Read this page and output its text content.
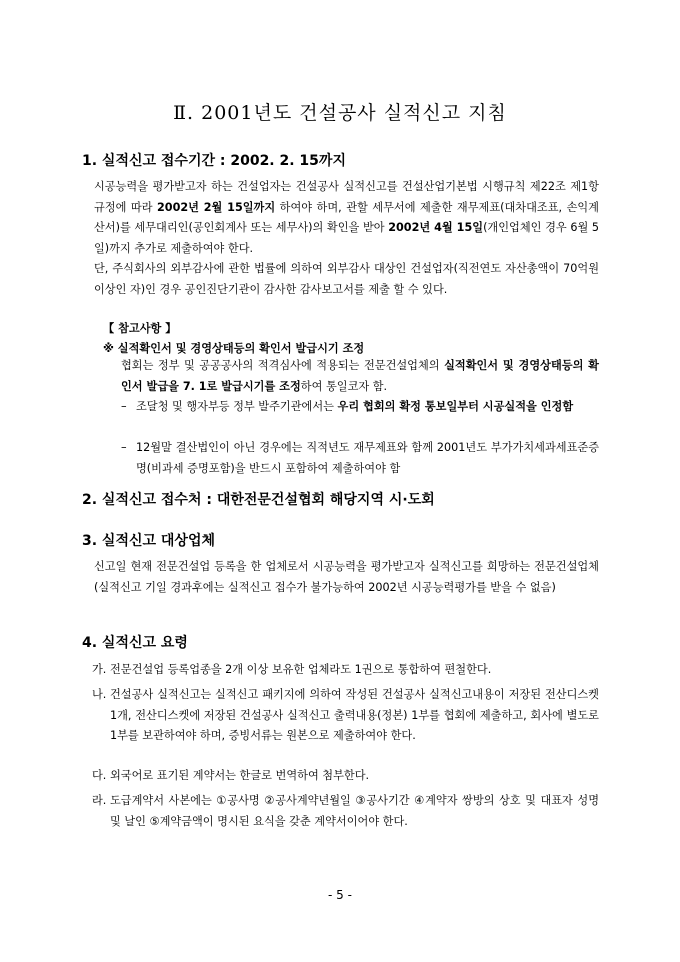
Ⅱ. 2001년도 건설공사 실적신고 지침
1. 실적신고 접수기간 : 2002. 2. 15까지
시공능력을 평가받고자 하는 건설업자는 건설공사 실적신고를 건설산업기본법 시행규칙 제22조 제1항 규정에 따라 2002년 2월 15일까지 하여야 하며, 관할 세무서에 제출한 재무제표(대차대조표, 손익계산서)를 세무대리인(공인회계사 또는 세무사)의 확인을 받아 2002년 4월 15일(개인업체인 경우 6월 5일)까지 추가로 제출하여야 한다.
단, 주식회사의 외부감사에 관한 법률에 의하여 외부감사 대상인 건설업자(직전연도 자산총액이 70억원 이상인 자)인 경우 공인진단기관이 감사한 감사보고서를 제출 할 수 있다.
【 참고사항 】
※ 실적확인서 및 경영상태등의 확인서 발급시기 조정
협회는 정부 및 공공공사의 적격심사에 적용되는 전문건설업체의 실적확인서 및 경영상태등의 확인서 발급을 7. 1로 발급시기를 조정하여 통일코자 함.
– 조달청 및 행자부등 정부 발주기관에서는 우리 협회의 확정 통보일부터 시공실적을 인정함
– 12월말 결산법인이 아닌 경우에는 직적년도 재무제표와 함께 2001년도 부가가치세과세표준증명(비과세 증명포함)을 반드시 포함하여 제출하여야 함
2. 실적신고 접수처 : 대한전문건설협회 해당지역 시·도회
3. 실적신고 대상업체
신고일 현재 전문건설업 등록을 한 업체로서 시공능력을 평가받고자 실적신고를 희망하는 전문건설업체(실적신고 기일 경과후에는 실적신고 접수가 불가능하여 2002년 시공능력평가를 받을 수 없음)
4. 실적신고 요령
가. 전문건설업 등록업종을 2개 이상 보유한 업체라도 1권으로 통합하여 편철한다.
나. 건설공사 실적신고는 실적신고 패키지에 의하여 작성된 건설공사 실적신고내용이 저장된 전산디스켓 1개, 전산디스켓에 저장된 건설공사 실적신고 출력내용(정본) 1부를 협회에 제출하고, 회사에 별도로 1부를 보관하여야 하며, 증빙서류는 원본으로 제출하여야 한다.
다. 외국어로 표기된 계약서는 한글로 번역하여 첨부한다.
라. 도급계약서 사본에는 ①공사명 ②공사계약년월일 ③공사기간 ④계약자 쌍방의 상호 및 대표자 성명 및 날인 ⑤계약금액이 명시된 요식을 갖춘 계약서이어야 한다.
- 5 -
